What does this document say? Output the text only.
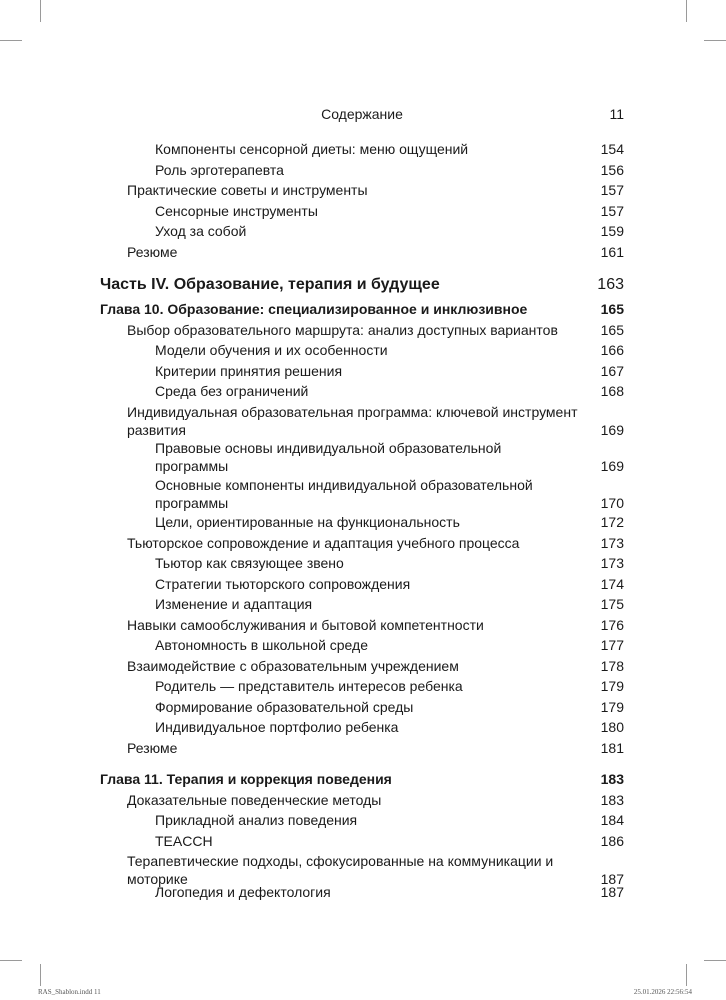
Содержание	11
Компоненты сенсорной диеты: меню ощущений	154
Роль эрготерапевта	156
Практические советы и инструменты	157
Сенсорные инструменты	157
Уход за собой	159
Резюме	161
Часть IV. Образование, терапия и будущее	163
Глава 10. Образование: специализированное и инклюзивное	165
Выбор образовательного маршрута: анализ доступных вариантов	165
Модели обучения и их особенности	166
Критерии принятия решения	167
Среда без ограничений	168
Индивидуальная образовательная программа: ключевой инструмент развития	169
Правовые основы индивидуальной образовательной программы	169
Основные компоненты индивидуальной образовательной программы	170
Цели, ориентированные на функциональность	172
Тьюторское сопровождение и адаптация учебного процесса	173
Тьютор как связующее звено	173
Стратегии тьюторского сопровождения	174
Изменение и адаптация	175
Навыки самообслуживания и бытовой компетентности	176
Автономность в школьной среде	177
Взаимодействие с образовательным учреждением	178
Родитель — представитель интересов ребенка	179
Формирование образовательной среды	179
Индивидуальное портфолио ребенка	180
Резюме	181
Глава 11. Терапия и коррекция поведения	183
Доказательные поведенческие методы	183
Прикладной анализ поведения	184
TEACCH	186
Терапевтические подходы, сфокусированные на коммуникации и моторике	187
Логопедия и дефектология	187
RAS_Shablon.indd 11	25.01.2026 22:56:54
